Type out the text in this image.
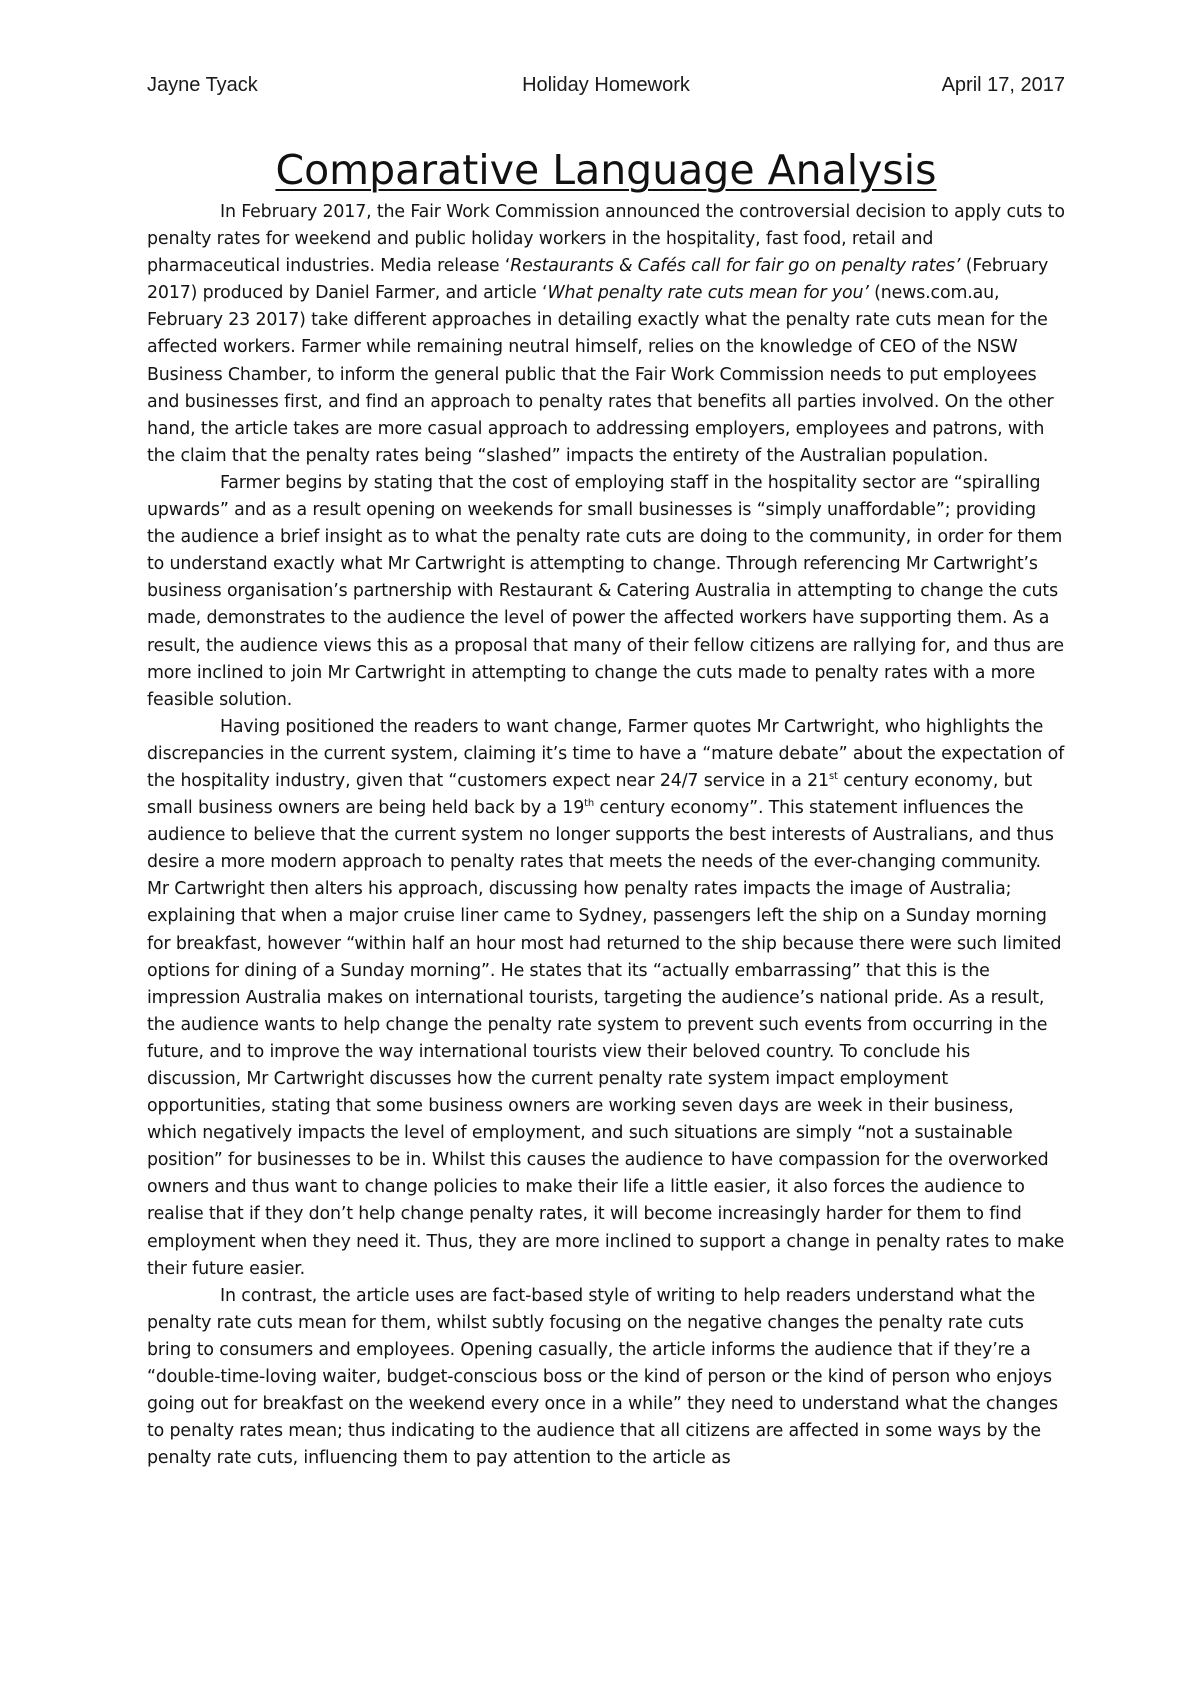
Jayne Tyack	Holiday Homework	April 17, 2017
Comparative Language Analysis

In February 2017, the Fair Work Commission announced the controversial decision to apply cuts to penalty rates for weekend and public holiday workers in the hospitality, fast food, retail and pharmaceutical industries. Media release ‘Restaurants & Cafés call for fair go on penalty rates’ (February 2017) produced by Daniel Farmer, and article ‘What penalty rate cuts mean for you’ (news.com.au, February 23 2017) take different approaches in detailing exactly what the penalty rate cuts mean for the affected workers. Farmer while remaining neutral himself, relies on the knowledge of CEO of the NSW Business Chamber, to inform the general public that the Fair Work Commission needs to put employees and businesses first, and find an approach to penalty rates that benefits all parties involved. On the other hand, the article takes are more casual approach to addressing employers, employees and patrons, with the claim that the penalty rates being “slashed” impacts the entirety of the Australian population.

Farmer begins by stating that the cost of employing staff in the hospitality sector are “spiralling upwards” and as a result opening on weekends for small businesses is “simply unaffordable”; providing the audience a brief insight as to what the penalty rate cuts are doing to the community, in order for them to understand exactly what Mr Cartwright is attempting to change. Through referencing Mr Cartwright’s business organisation’s partnership with Restaurant & Catering Australia in attempting to change the cuts made, demonstrates to the audience the level of power the affected workers have supporting them. As a result, the audience views this as a proposal that many of their fellow citizens are rallying for, and thus are more inclined to join Mr Cartwright in attempting to change the cuts made to penalty rates with a more feasible solution.

Having positioned the readers to want change, Farmer quotes Mr Cartwright, who highlights the discrepancies in the current system, claiming it’s time to have a “mature debate” about the expectation of the hospitality industry, given that “customers expect near 24/7 service in a 21st century economy, but small business owners are being held back by a 19th century economy”. This statement influences the audience to believe that the current system no longer supports the best interests of Australians, and thus desire a more modern approach to penalty rates that meets the needs of the ever-changing community. Mr Cartwright then alters his approach, discussing how penalty rates impacts the image of Australia; explaining that when a major cruise liner came to Sydney, passengers left the ship on a Sunday morning for breakfast, however “within half an hour most had returned to the ship because there were such limited options for dining of a Sunday morning”. He states that its “actually embarrassing” that this is the impression Australia makes on international tourists, targeting the audience’s national pride. As a result, the audience wants to help change the penalty rate system to prevent such events from occurring in the future, and to improve the way international tourists view their beloved country. To conclude his discussion, Mr Cartwright discusses how the current penalty rate system impact employment opportunities, stating that some business owners are working seven days are week in their business, which negatively impacts the level of employment, and such situations are simply “not a sustainable position” for businesses to be in. Whilst this causes the audience to have compassion for the overworked owners and thus want to change policies to make their life a little easier, it also forces the audience to realise that if they don’t help change penalty rates, it will become increasingly harder for them to find employment when they need it. Thus, they are more inclined to support a change in penalty rates to make their future easier.

In contrast, the article uses are fact-based style of writing to help readers understand what the penalty rate cuts mean for them, whilst subtly focusing on the negative changes the penalty rate cuts bring to consumers and employees. Opening casually, the article informs the audience that if they’re a “double-time-loving waiter, budget-conscious boss or the kind of person or the kind of person who enjoys going out for breakfast on the weekend every once in a while” they need to understand what the changes to penalty rates mean; thus indicating to the audience that all citizens are affected in some ways by the penalty rate cuts, influencing them to pay attention to the article as
